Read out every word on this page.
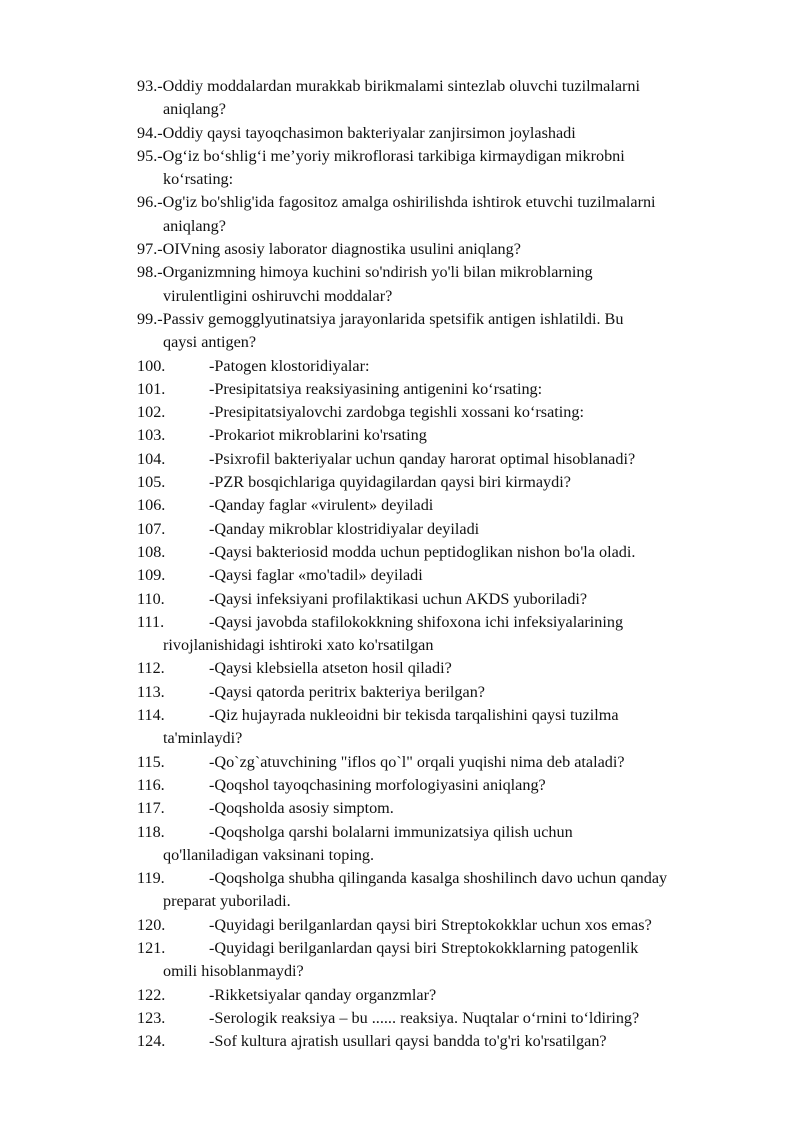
93.-Oddiy moddalardan murakkab birikmalami sintezlab oluvchi tuzilmalarni
aniqlang?
94.-Oddiy qaysi tayoqchasimon bakteriyalar zanjirsimon joylashadi
95.-Og‘iz bo‘shlig‘i me’yoriy mikroflorasi tarkibiga kirmaydigan mikrobni
ko‘rsating:
96.-Og'iz bo'shlig'ida fagositoz amalga oshirilishda ishtirok etuvchi tuzilmalarni
aniqlang?
97.-OIVning asosiy laborator diagnostika usulini aniqlang?
98.-Organizmning himoya kuchini so'ndirish yo'li bilan mikroblarning
virulentligini oshiruvchi moddalar?
99.-Passiv gemogglyutinatsiya jarayonlarida spetsifik antigen ishlatildi. Bu
qaysi antigen?
100.	-Patogen klostoridiyalar:
101.	-Presipitatsiya reaksiyasining antigenini ko‘rsating:
102.	-Presipitatsiyalovchi zardobga tegishli xossani ko‘rsating:
103.	-Prokariot mikroblarini ko'rsating
104.	-Psixrofil bakteriyalar uchun qanday harorat optimal hisoblanadi?
105.	-PZR bosqichlariga quyidagilardan qaysi biri kirmaydi?
106.	-Qanday faglar «virulent» deyiladi
107.	-Qanday mikroblar klostridiyalar deyiladi
108.	-Qaysi bakteriosid modda uchun peptidoglikan nishon bo'la oladi.
109.	-Qaysi faglar «mo'tadil» deyiladi
110.	-Qaysi infeksiyani profilaktikasi uchun AKDS yuboriladi?
111.	-Qaysi javobda stafilokokkning shifoxona ichi infeksiyalarining
rivojlanishidagi ishtiroki xato ko'rsatilgan
112.	-Qaysi klebsiella atseton hosil qiladi?
113.	-Qaysi qatorda peritrix bakteriya berilgan?
114.	-Qiz hujayrada nukleoidni bir tekisda tarqalishini qaysi tuzilma
ta'minlaydi?
115.	-Qo`zg`atuvchining "iflos qo`l" orqali yuqishi nima deb ataladi?
116.	-Qoqshol tayoqchasining morfologiyasini aniqlang?
117.	-Qoqsholda asosiy simptom.
118.	-Qoqsholga qarshi bolalarni immunizatsiya qilish uchun
qo'llaniladigan vaksinani toping.
119.	-Qoqsholga shubha qilinganda kasalga shoshilinch davo uchun qanday
preparat yuboriladi.
120.	-Quyidagi berilganlardan qaysi biri Streptokokklar uchun xos emas?
121.	-Quyidagi berilganlardan qaysi biri Streptokokklarning patogenlik
omili hisoblanmaydi?
122.	-Rikketsiyalar qanday organzmlar?
123.	-Serologik reaksiya – bu ...... reaksiya. Nuqtalar o‘rnini to‘ldiring?
124.	-Sof kultura ajratish usullari qaysi bandda to'g'ri ko'rsatilgan?
